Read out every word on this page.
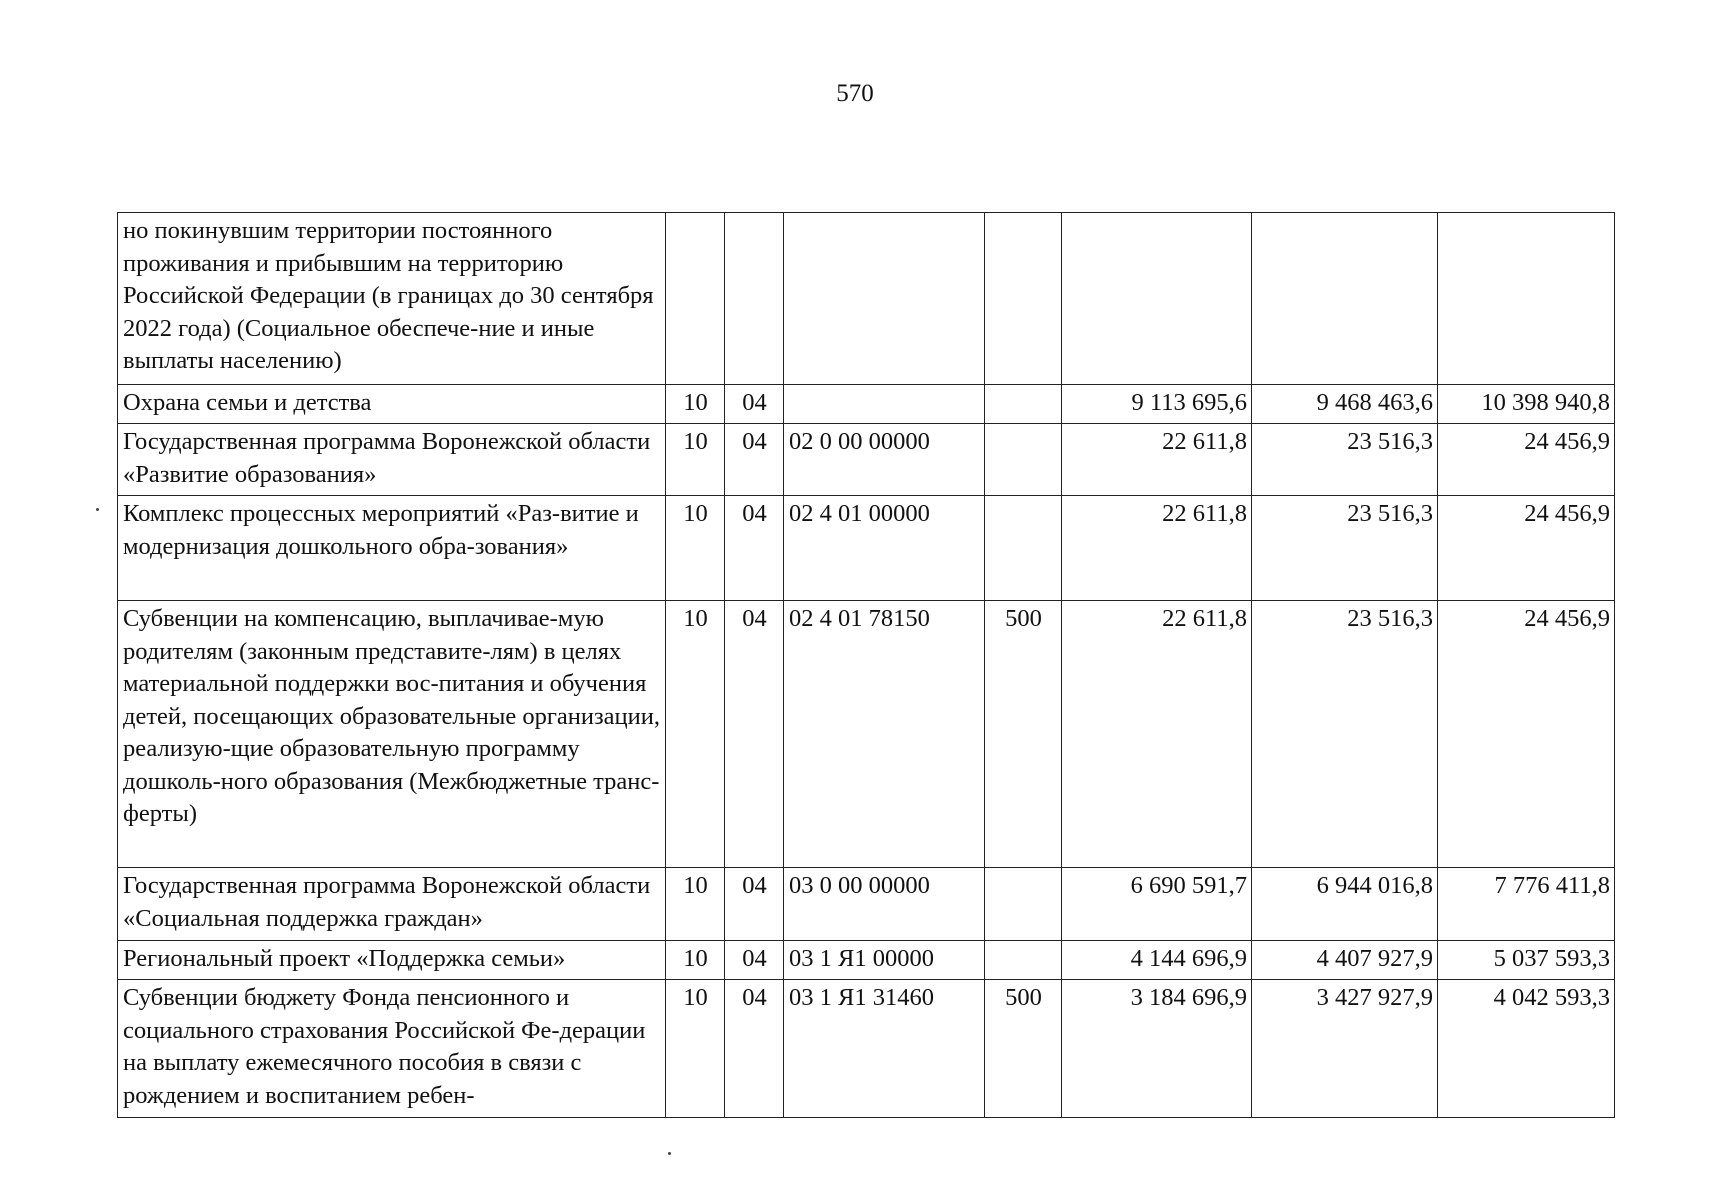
570
но покинувшим территории постоянного проживания и прибывшим на территорию Российской Федерации (в границах до 30 сентября 2022 года) (Социальное обеспече-ние и иные выплаты населению)							
Охрана семьи и детства	10	04			9 113 695,6	9 468 463,6	10 398 940,8
Государственная программа Воронежской области «Развитие образования»	10	04	02 0 00 00000		22 611,8	23 516,3	24 456,9
Комплекс процессных мероприятий «Раз-витие и модернизация дошкольного обра-зования»	10	04	02 4 01 00000		22 611,8	23 516,3	24 456,9
Субвенции на компенсацию, выплачивае-мую родителям (законным представите-лям) в целях материальной поддержки вос-питания и обучения детей, посещающих образовательные организации, реализую-щие образовательную программу дошколь-ного образования (Межбюджетные транс-ферты)	10	04	02 4 01 78150	500	22 611,8	23 516,3	24 456,9
Государственная программа Воронежской области «Социальная поддержка граждан»	10	04	03 0 00 00000		6 690 591,7	6 944 016,8	7 776 411,8
Региональный проект «Поддержка семьи»	10	04	03 1 Я1 00000		4 144 696,9	4 407 927,9	5 037 593,3
Субвенции бюджету Фонда пенсионного и социального страхования Российской Фе-дерации на выплату ежемесячного пособия в связи с рождением и воспитанием ребен-	10	04	03 1 Я1 31460	500	3 184 696,9	3 427 927,9	4 042 593,3
